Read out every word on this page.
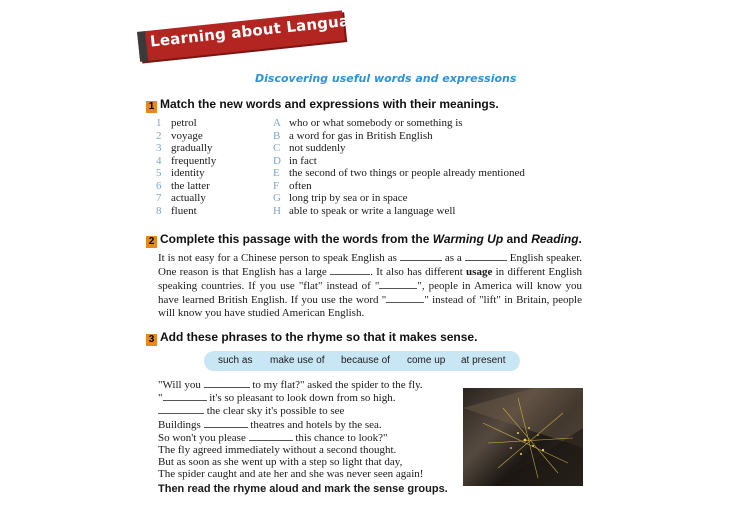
Learning about Language
Discovering useful words and expressions
1 Match the new words and expressions with their meanings.
1 petrol	A who or what somebody or something is
2 voyage	B a word for gas in British English
3 gradually	C not suddenly
4 frequently	D in fact
5 identity	E the second of two things or people already mentioned
6 the latter	F often
7 actually	G long trip by sea or in space
8 fluent	H able to speak or write a language well
2 Complete this passage with the words from the Warming Up and Reading.
It is not easy for a Chinese person to speak English as	as a	English speaker. One reason is that English has a large	. It also has different usage in different English speaking countries. If you use "flat" instead of "	", people in America will know you have learned British English. If you use the word "	" instead of "lift" in Britain, people will know you have studied American English.
3 Add these phrases to the rhyme so that it makes sense.
such as make use of because of come up at present
"Will you	to my flat?" asked the spider to the fly.
"	it's so pleasant to look down from so high.
the clear sky it's possible to see
Buildings	theatres and hotels by the sea.
So won't you please	this chance to look?"
The fly agreed immediately without a second thought.
But as soon as she went up with a step so light that day,
The spider caught and ate her and she was never seen again!
Then read the rhyme aloud and mark the sense groups.
